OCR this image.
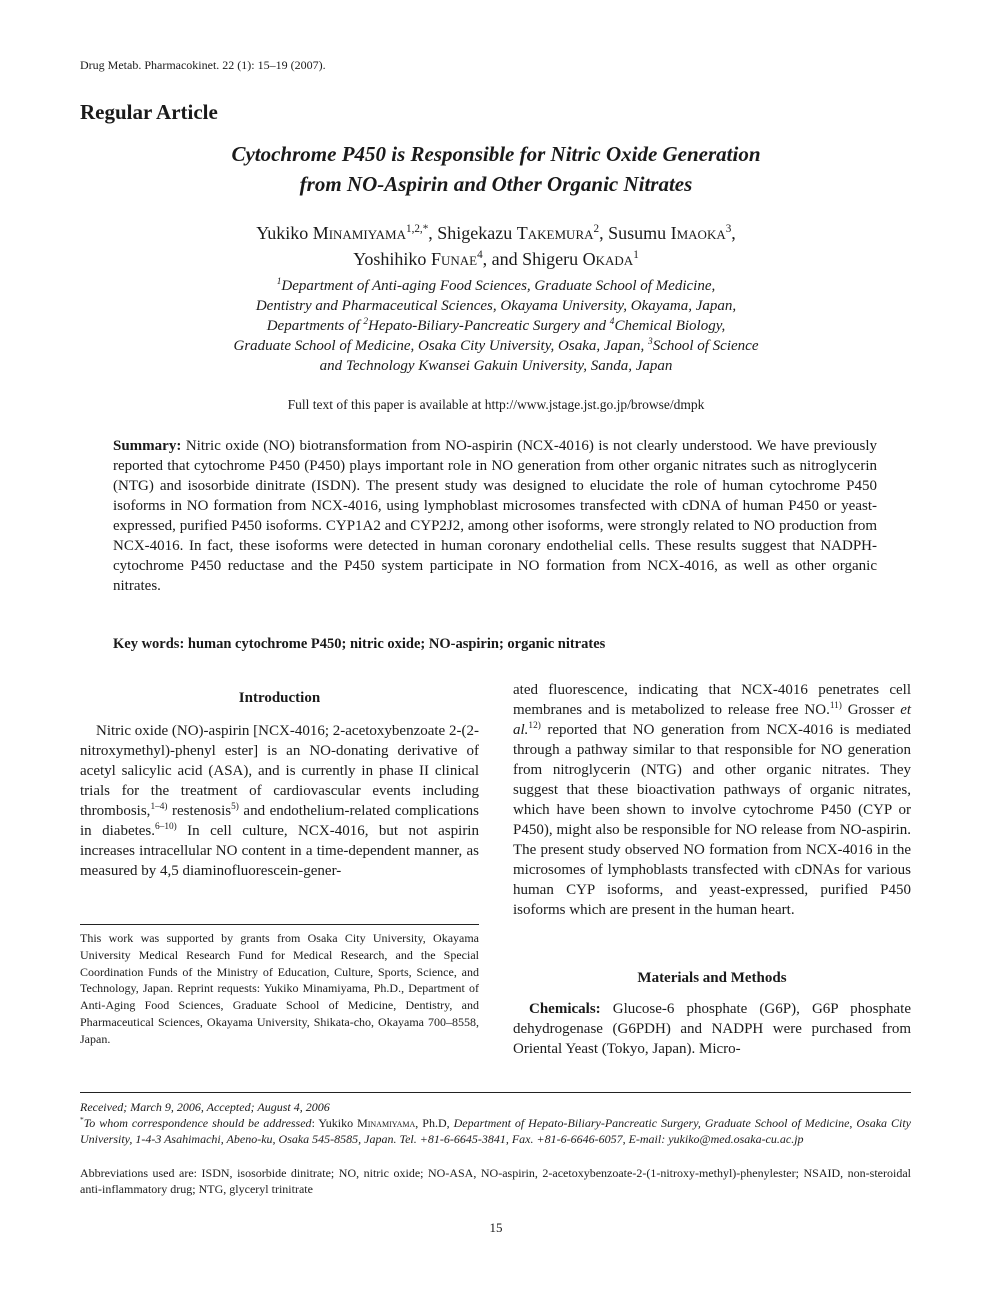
Drug Metab. Pharmacokinet. 22 (1): 15–19 (2007).
Regular Article
Cytochrome P450 is Responsible for Nitric Oxide Generation
from NO-Aspirin and Other Organic Nitrates
Yukiko Minamiyama$^{1,2,*}$, Shigekazu Takemura$^2$, Susumu Imaoka$^3$,
Yoshihiko Funae$^4$, and Shigeru Okada$^1$
$^1$Department of Anti-aging Food Sciences, Graduate School of Medicine,
Dentistry and Pharmaceutical Sciences, Okayama University, Okayama, Japan,
Departments of $^2$Hepato-Biliary-Pancreatic Surgery and $^4$Chemical Biology,
Graduate School of Medicine, Osaka City University, Osaka, Japan, $^3$School of Science
and Technology Kwansei Gakuin University, Sanda, Japan
Full text of this paper is available at http://www.jstage.jst.go.jp/browse/dmpk
Summary: Nitric oxide (NO) biotransformation from NO-aspirin (NCX-4016) is not clearly understood. We have previously reported that cytochrome P450 (P450) plays important role in NO generation from other organic nitrates such as nitroglycerin (NTG) and isosorbide dinitrate (ISDN). The present study was designed to elucidate the role of human cytochrome P450 isoforms in NO formation from NCX-4016, using lymphoblast microsomes transfected with cDNA of human P450 or yeast-expressed, purified P450 isoforms. CYP1A2 and CYP2J2, among other isoforms, were strongly related to NO production from NCX-4016. In fact, these isoforms were detected in human coronary endothelial cells. These results suggest that NADPH-cytochrome P450 reductase and the P450 system participate in NO formation from NCX-4016, as well as other organic nitrates.
Key words: human cytochrome P450; nitric oxide; NO-aspirin; organic nitrates
Introduction
Nitric oxide (NO)-aspirin [NCX-4016; 2-acetoxybenzoate 2-(2-nitroxymethyl)-phenyl ester] is an NO-donating derivative of acetyl salicylic acid (ASA), and is currently in phase II clinical trials for the treatment of cardiovascular events including thrombosis,$^{1-4)}$ restenosis$^{5)}$ and endothelium-related complications in diabetes.$^{6-10)}$ In cell culture, NCX-4016, but not aspirin increases intracellular NO content in a time-dependent manner, as measured by 4,5 diaminofluorescein-gener-
This work was supported by grants from Osaka City University, Okayama University Medical Research Fund for Medical Research, and the Special Coordination Funds of the Ministry of Education, Culture, Sports, Science, and Technology, Japan. Reprint requests: Yukiko Minamiyama, Ph.D., Department of Anti-Aging Food Sciences, Graduate School of Medicine, Dentistry, and Pharmaceutical Sciences, Okayama University, Shikata-cho, Okayama 700–8558, Japan.
ated fluorescence, indicating that NCX-4016 penetrates cell membranes and is metabolized to release free NO.$^{11)}$ Grosser et al.$^{12)}$ reported that NO generation from NCX-4016 is mediated through a pathway similar to that responsible for NO generation from nitroglycerin (NTG) and other organic nitrates. They suggest that these bioactivation pathways of organic nitrates, which have been shown to involve cytochrome P450 (CYP or P450), might also be responsible for NO release from NO-aspirin. The present study observed NO formation from NCX-4016 in the microsomes of lymphoblasts transfected with cDNAs for various human CYP isoforms, and yeast-expressed, purified P450 isoforms which are present in the human heart.
Materials and Methods
Chemicals: Glucose-6 phosphate (G6P), G6P phosphate dehydrogenase (G6PDH) and NADPH were purchased from Oriental Yeast (Tokyo, Japan). Micro-
Received; March 9, 2006, Accepted; August 4, 2006
*To whom correspondence should be addressed: Yukiko Minamiyama, Ph.D, Department of Hepato-Biliary-Pancreatic Surgery, Graduate School of Medicine, Osaka City University, 1-4-3 Asahimachi, Abeno-ku, Osaka 545-8585, Japan. Tel. +81-6-6645-3841, Fax. +81-6-6646-6057, E-mail: yukiko@med.osaka-cu.ac.jp
Abbreviations used are: ISDN, isosorbide dinitrate; NO, nitric oxide; NO-ASA, NO-aspirin, 2-acetoxybenzoate-2-(1-nitroxy-methyl)-phenylester; NSAID, non-steroidal anti-inflammatory drug; NTG, glyceryl trinitrate
15
